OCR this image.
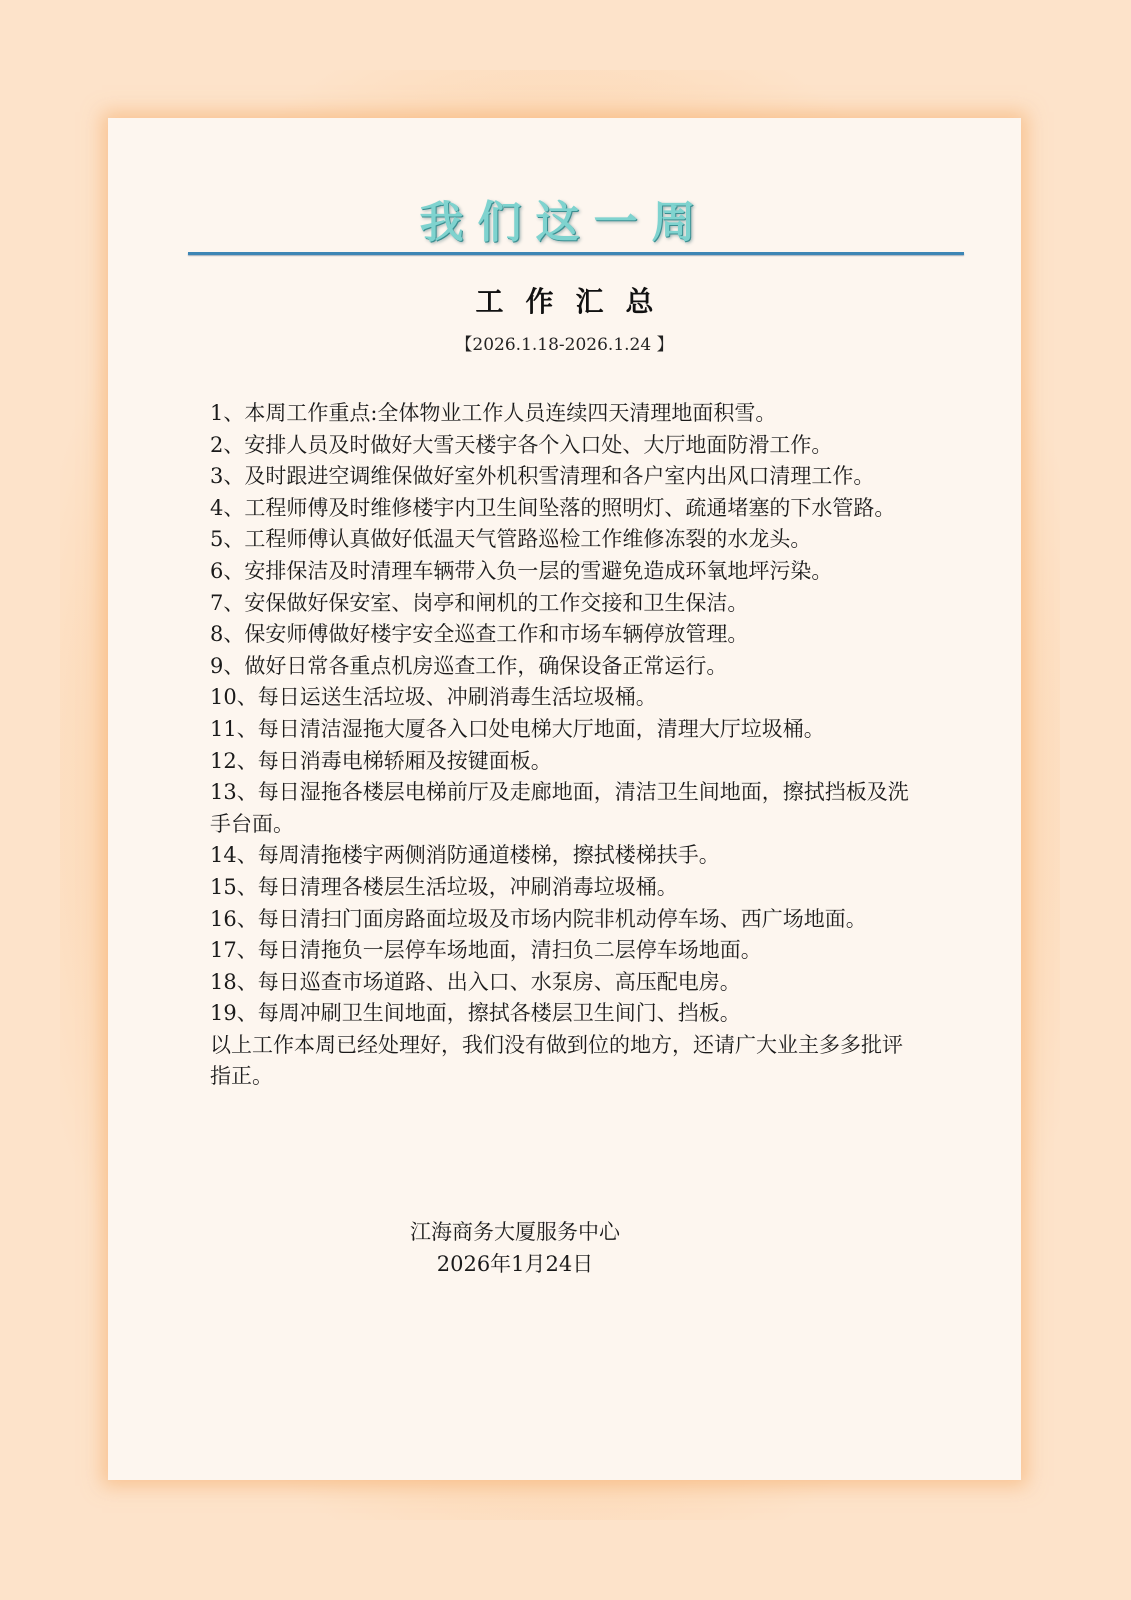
我们这一周
工作汇总
【2026.1.18-2026.1.24 】

1、本周工作重点:全体物业工作人员连续四天清理地面积雪。

2、安排人员及时做好大雪天楼宇各个入口处、大厅地面防滑工作。

3、及时跟进空调维保做好室外机积雪清理和各户室内出风口清理工作。

4、工程师傅及时维修楼宇内卫生间坠落的照明灯、疏通堵塞的下水管路。

5、工程师傅认真做好低温天气管路巡检工作维修冻裂的水龙头。

6、安排保洁及时清理车辆带入负一层的雪避免造成环氧地坪污染。

7、安保做好保安室、岗亭和闸机的工作交接和卫生保洁。

8、保安师傅做好楼宇安全巡查工作和市场车辆停放管理。

9、做好日常各重点机房巡查工作，确保设备正常运行。

10、每日运送生活垃圾、冲刷消毒生活垃圾桶。

11、每日清洁湿拖大厦各入口处电梯大厅地面，清理大厅垃圾桶。

12、每日消毒电梯轿厢及按键面板。

13、每日湿拖各楼层电梯前厅及走廊地面，清洁卫生间地面，擦拭挡板及洗手台面。

14、每周清拖楼宇两侧消防通道楼梯，擦拭楼梯扶手。

15、每日清理各楼层生活垃圾，冲刷消毒垃圾桶。

16、每日清扫门面房路面垃圾及市场内院非机动停车场、西广场地面。

17、每日清拖负一层停车场地面，清扫负二层停车场地面。

18、每日巡查市场道路、出入口、水泵房、高压配电房。

19、每周冲刷卫生间地面，擦拭各楼层卫生间门、挡板。

以上工作本周已经处理好，我们没有做到位的地方，还请广大业主多多批评指正。

江海商务大厦服务中心
2026年1月24日
